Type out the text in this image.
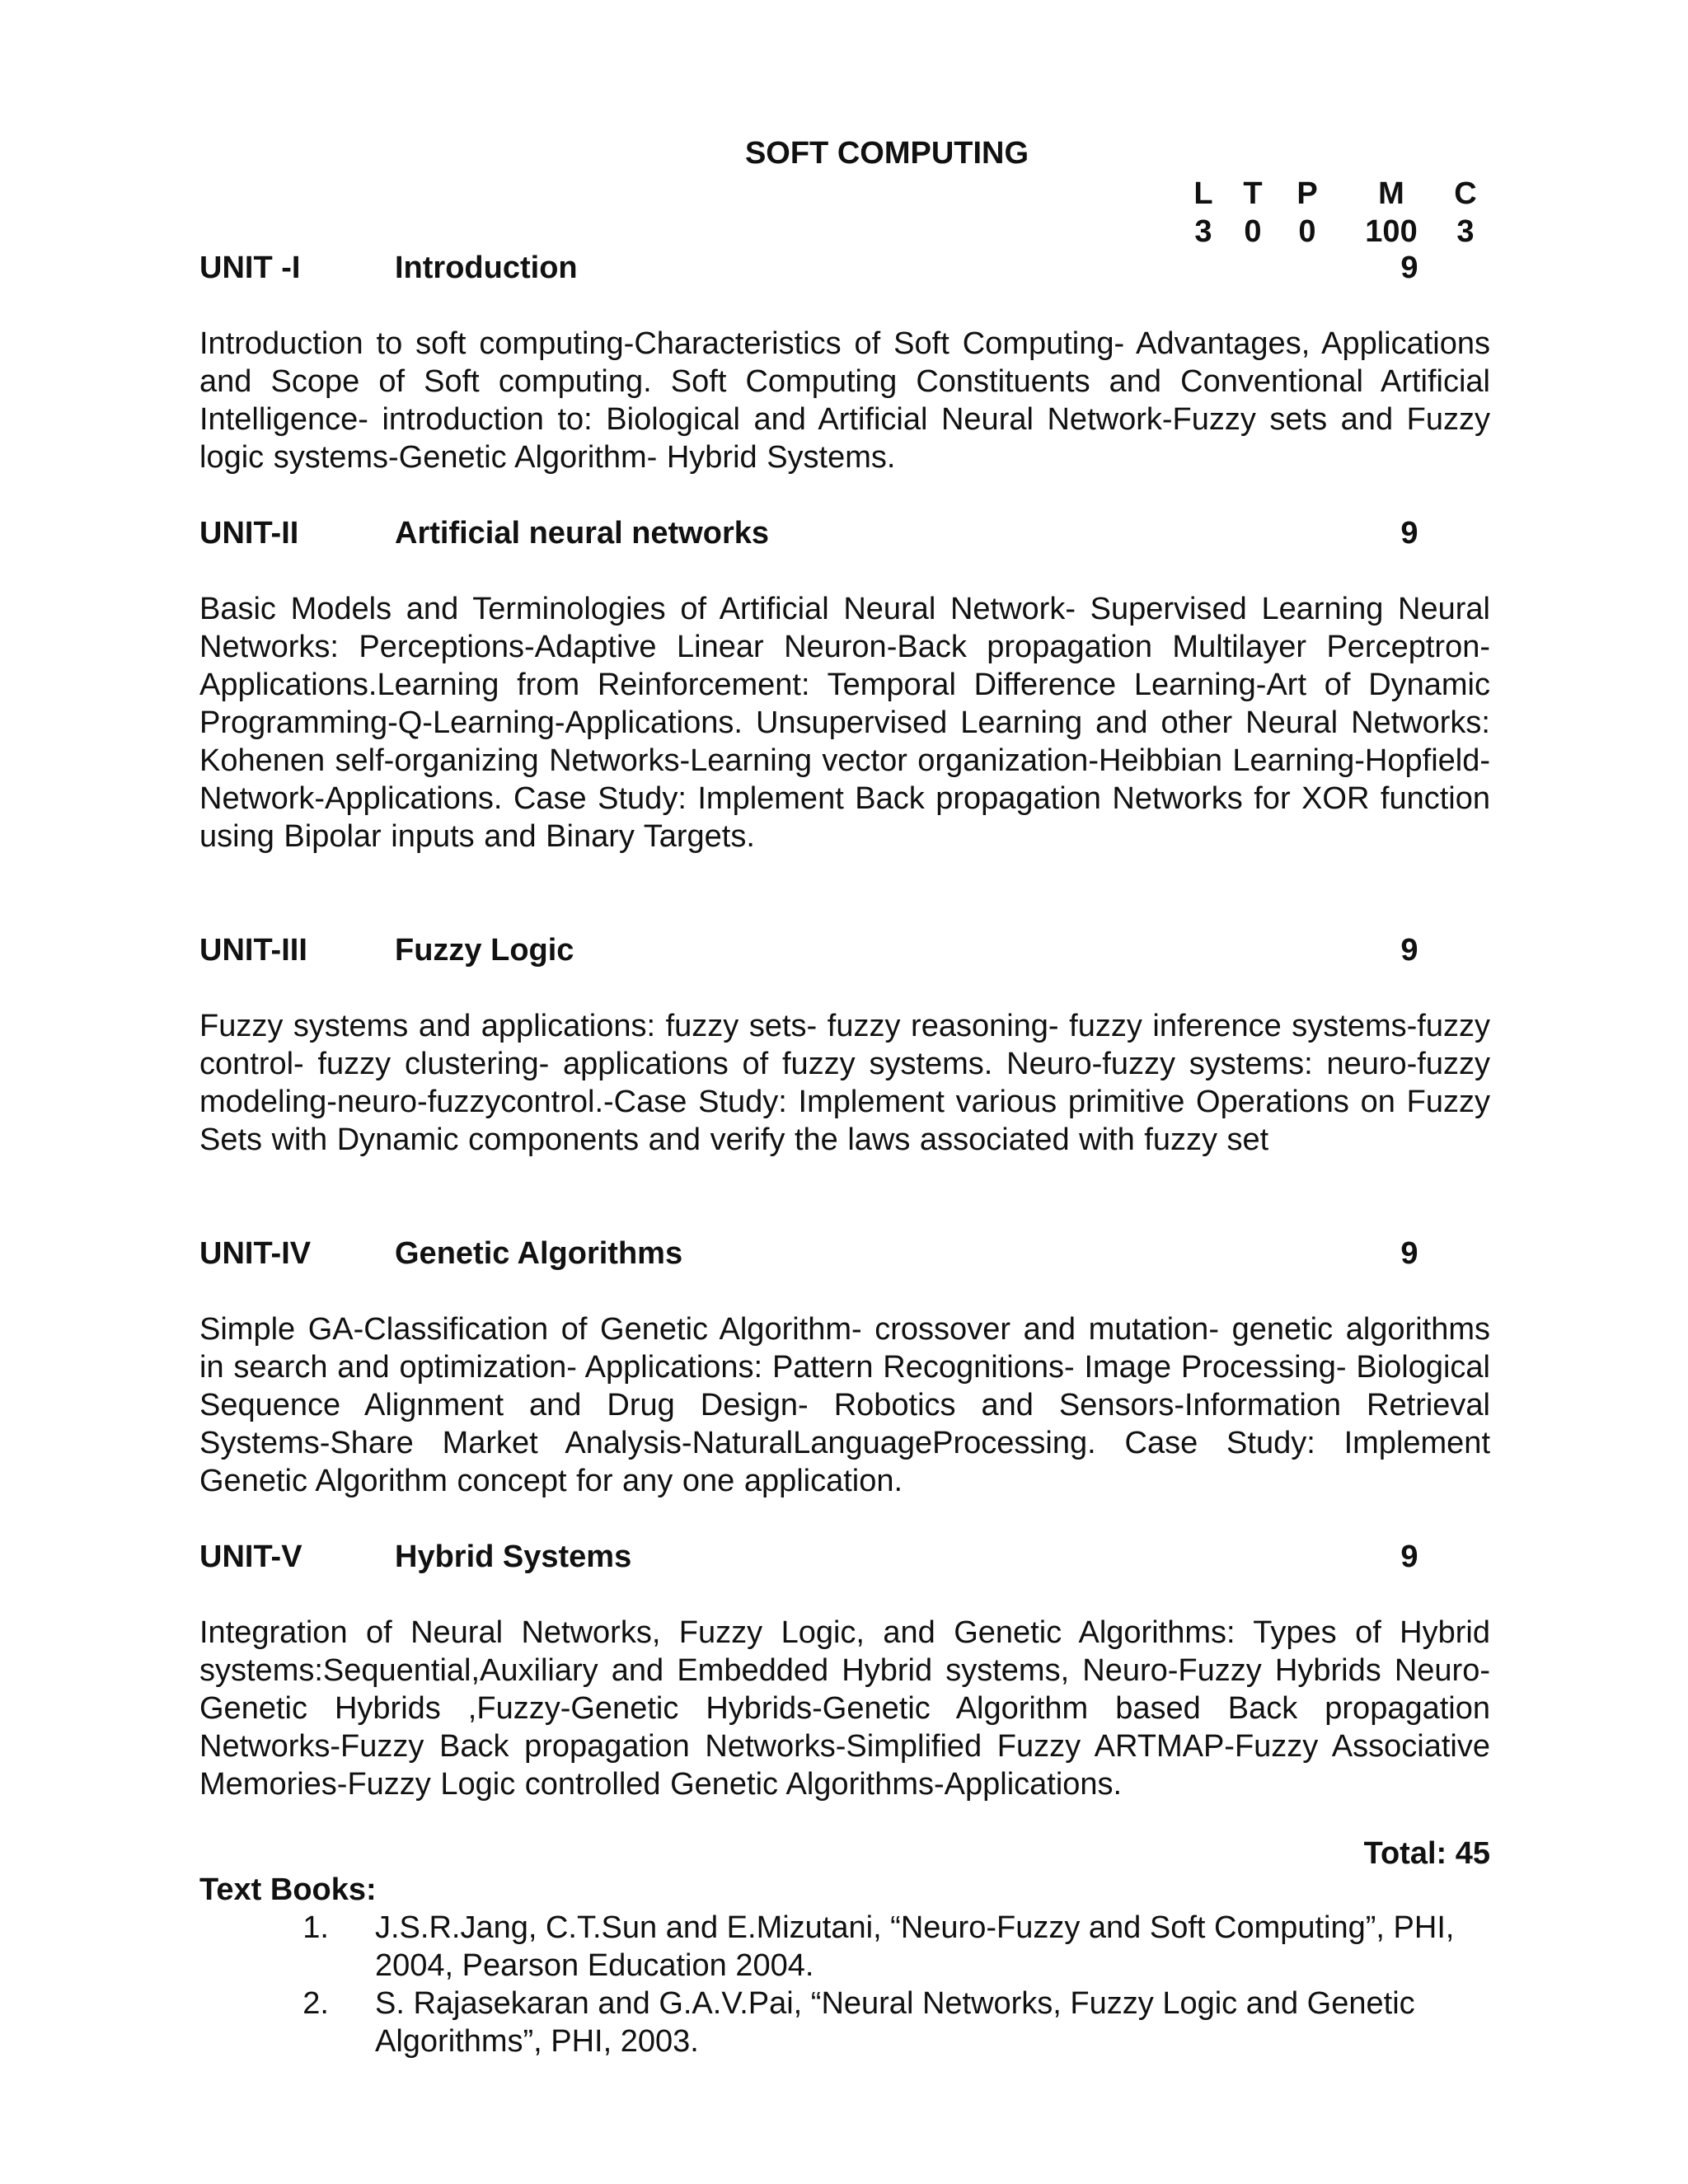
SOFT COMPUTING
L T P	M	C
3 0 0 100 3
UNIT -I	Introduction	9

Introduction to soft computing-Characteristics of Soft Computing- Advantages, Applications and Scope of Soft computing. Soft Computing Constituents and Conventional Artificial Intelligence- introduction to: Biological and Artificial Neural Network-Fuzzy sets and Fuzzy logic systems-Genetic Algorithm- Hybrid Systems.

UNIT-II	Artificial neural networks	9

Basic Models and Terminologies of Artificial Neural Network- Supervised Learning Neural Networks: Perceptions-Adaptive Linear Neuron-Back propagation Multilayer Perceptron-Applications.Learning from Reinforcement: Temporal Difference Learning-Art of Dynamic Programming-Q-Learning-Applications. Unsupervised Learning and other Neural Networks: Kohenen self-organizing Networks-Learning vector organization-Heibbian Learning-Hopfield-Network-Applications. Case Study: Implement Back propagation Networks for XOR function using Bipolar inputs and Binary Targets.

UNIT-III	Fuzzy Logic	9

Fuzzy systems and applications: fuzzy sets- fuzzy reasoning- fuzzy inference systems-fuzzy control- fuzzy clustering- applications of fuzzy systems. Neuro-fuzzy systems: neuro-fuzzy modeling-neuro-fuzzycontrol.-Case Study: Implement various primitive Operations on Fuzzy Sets with Dynamic components and verify the laws associated with fuzzy set

UNIT-IV	Genetic Algorithms	9

Simple GA-Classification of Genetic Algorithm- crossover and mutation- genetic algorithms in search and optimization- Applications: Pattern Recognitions- Image Processing- Biological Sequence Alignment and Drug Design- Robotics and Sensors-Information Retrieval Systems-Share Market Analysis-NaturalLanguageProcessing. Case Study: Implement Genetic Algorithm concept for any one application.

UNIT-V	Hybrid Systems	9

Integration of Neural Networks, Fuzzy Logic, and Genetic Algorithms: Types of Hybrid systems:Sequential,Auxiliary and Embedded Hybrid systems, Neuro-Fuzzy Hybrids Neuro-Genetic Hybrids ,Fuzzy-Genetic Hybrids-Genetic Algorithm based Back propagation Networks-Fuzzy Back propagation Networks-Simplified Fuzzy ARTMAP-Fuzzy Associative Memories-Fuzzy Logic controlled Genetic Algorithms-Applications.

Total: 45
Text Books:
1. J.S.R.Jang, C.T.Sun and E.Mizutani, “Neuro-Fuzzy and Soft Computing”, PHI, 2004, Pearson Education 2004.
2. S. Rajasekaran and G.A.V.Pai, “Neural Networks, Fuzzy Logic and Genetic Algorithms”, PHI, 2003.
